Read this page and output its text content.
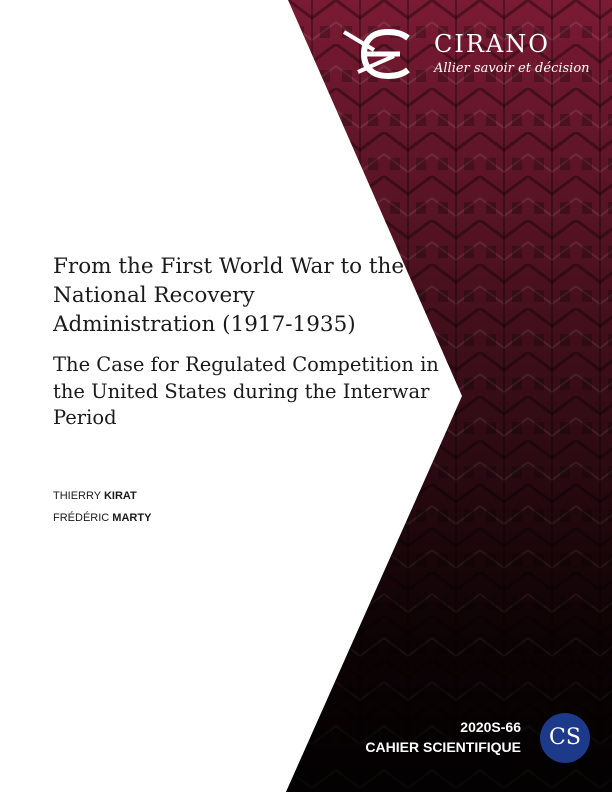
CIRANO

Allier savoir et décision
From the First World War to the National Recovery Administration (1917-1935)
The Case for Regulated Competition in the United States during the Interwar Period
THIERRY KIRAT
FRÉDÉRIC MARTY
2020S-66
CAHIER SCIENTIFIQUE	CS
